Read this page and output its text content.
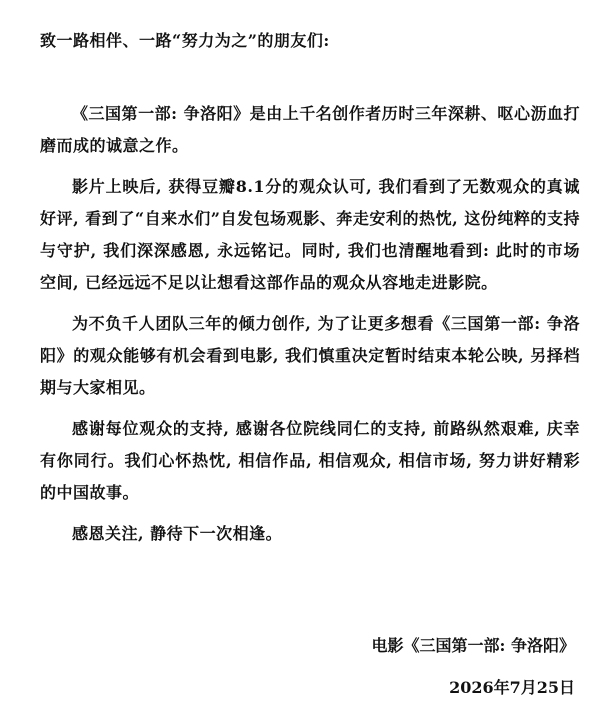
致一路相伴、一路“努力为之”的朋友们:

《三国第一部: 争洛阳》是由上千名创作者历时三年深耕、呕心沥血打磨而成的诚意之作。

影片上映后, 获得豆瓣8.1分的观众认可, 我们看到了无数观众的真诚好评, 看到了“自来水们”自发包场观影、奔走安利的热忱, 这份纯粹的支持与守护, 我们深深感恩, 永远铭记。同时, 我们也清醒地看到: 此时的市场空间, 已经远远不足以让想看这部作品的观众从容地走进影院。

为不负千人团队三年的倾力创作, 为了让更多想看《三国第一部: 争洛阳》的观众能够有机会看到电影, 我们慎重决定暂时结束本轮公映, 另择档期与大家相见。

感谢每位观众的支持, 感谢各位院线同仁的支持, 前路纵然艰难, 庆幸有你同行。我们心怀热忱, 相信作品, 相信观众, 相信市场, 努力讲好精彩的中国故事。

感恩关注, 静待下一次相逢。

电影《三国第一部: 争洛阳》
2026年7月25日
